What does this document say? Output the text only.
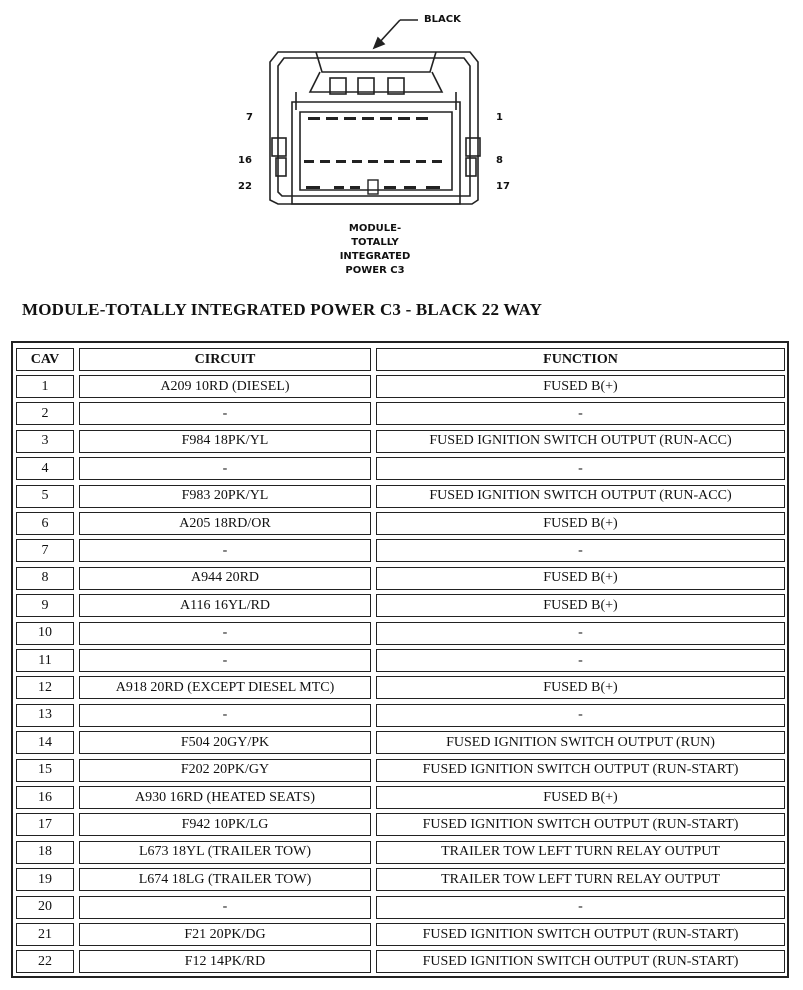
BLACK
7	1
16	8
22	17
MODULE-
TOTALLY
INTEGRATED
POWER C3
MODULE-TOTALLY INTEGRATED POWER C3 - BLACK 22 WAY
CAV	CIRCUIT	FUNCTION
1	A209 10RD (DIESEL)	FUSED B(+)
2	-	-
3	F984 18PK/YL	FUSED IGNITION SWITCH OUTPUT (RUN-ACC)
4	-	-
5	F983 20PK/YL	FUSED IGNITION SWITCH OUTPUT (RUN-ACC)
6	A205 18RD/OR	FUSED B(+)
7	-	-
8	A944 20RD	FUSED B(+)
9	A116 16YL/RD	FUSED B(+)
10	-	-
11	-	-
12	A918 20RD (EXCEPT DIESEL MTC)	FUSED B(+)
13	-	-
14	F504 20GY/PK	FUSED IGNITION SWITCH OUTPUT (RUN)
15	F202 20PK/GY	FUSED IGNITION SWITCH OUTPUT (RUN-START)
16	A930 16RD (HEATED SEATS)	FUSED B(+)
17	F942 10PK/LG	FUSED IGNITION SWITCH OUTPUT (RUN-START)
18	L673 18YL (TRAILER TOW)	TRAILER TOW LEFT TURN RELAY OUTPUT
19	L674 18LG (TRAILER TOW)	TRAILER TOW LEFT TURN RELAY OUTPUT
20	-	-
21	F21 20PK/DG	FUSED IGNITION SWITCH OUTPUT (RUN-START)
22	F12 14PK/RD	FUSED IGNITION SWITCH OUTPUT (RUN-START)
